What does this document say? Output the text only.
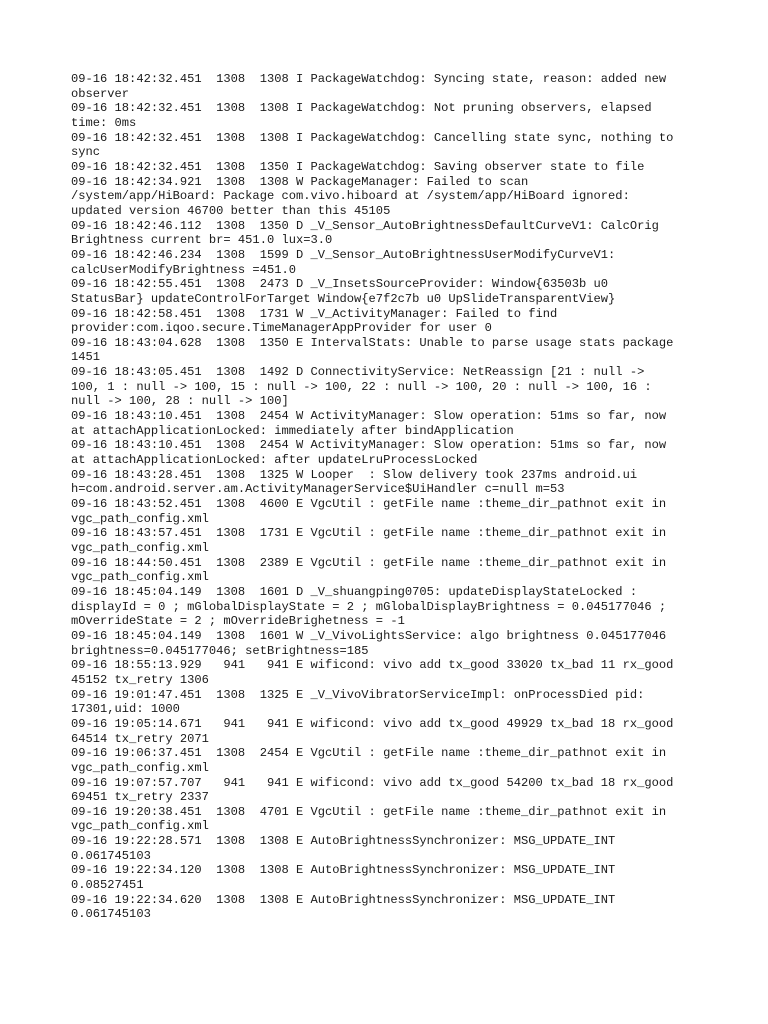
09-16 18:42:32.451  1308  1308 I PackageWatchdog: Syncing state, reason: added new
observer
09-16 18:42:32.451  1308  1308 I PackageWatchdog: Not pruning observers, elapsed
time: 0ms
09-16 18:42:32.451  1308  1308 I PackageWatchdog: Cancelling state sync, nothing to
sync
09-16 18:42:32.451  1308  1350 I PackageWatchdog: Saving observer state to file
09-16 18:42:34.921  1308  1308 W PackageManager: Failed to scan
/system/app/HiBoard: Package com.vivo.hiboard at /system/app/HiBoard ignored:
updated version 46700 better than this 45105
09-16 18:42:46.112  1308  1350 D _V_Sensor_AutoBrightnessDefaultCurveV1: CalcOrig
Brightness current br= 451.0 lux=3.0
09-16 18:42:46.234  1308  1599 D _V_Sensor_AutoBrightnessUserModifyCurveV1:
calcUserModifyBrightness =451.0
09-16 18:42:55.451  1308  2473 D _V_InsetsSourceProvider: Window{63503b u0
StatusBar} updateControlForTarget Window{e7f2c7b u0 UpSlideTransparentView}
09-16 18:42:58.451  1308  1731 W _V_ActivityManager: Failed to find
provider:com.iqoo.secure.TimeManagerAppProvider for user 0
09-16 18:43:04.628  1308  1350 E IntervalStats: Unable to parse usage stats package
1451
09-16 18:43:05.451  1308  1492 D ConnectivityService: NetReassign [21 : null ->
100, 1 : null -> 100, 15 : null -> 100, 22 : null -> 100, 20 : null -> 100, 16 :
null -> 100, 28 : null -> 100]
09-16 18:43:10.451  1308  2454 W ActivityManager: Slow operation: 51ms so far, now
at attachApplicationLocked: immediately after bindApplication
09-16 18:43:10.451  1308  2454 W ActivityManager: Slow operation: 51ms so far, now
at attachApplicationLocked: after updateLruProcessLocked
09-16 18:43:28.451  1308  1325 W Looper  : Slow delivery took 237ms android.ui
h=com.android.server.am.ActivityManagerService$UiHandler c=null m=53
09-16 18:43:52.451  1308  4600 E VgcUtil : getFile name :theme_dir_pathnot exit in
vgc_path_config.xml
09-16 18:43:57.451  1308  1731 E VgcUtil : getFile name :theme_dir_pathnot exit in
vgc_path_config.xml
09-16 18:44:50.451  1308  2389 E VgcUtil : getFile name :theme_dir_pathnot exit in
vgc_path_config.xml
09-16 18:45:04.149  1308  1601 D _V_shuangping0705: updateDisplayStateLocked :
displayId = 0 ; mGlobalDisplayState = 2 ; mGlobalDisplayBrightness = 0.045177046 ;
mOverrideState = 2 ; mOverrideBrighetness = -1
09-16 18:45:04.149  1308  1601 W _V_VivoLightsService: algo brightness 0.045177046
brightness=0.045177046; setBrightness=185
09-16 18:55:13.929   941   941 E wificond: vivo add tx_good 33020 tx_bad 11 rx_good
45152 tx_retry 1306
09-16 19:01:47.451  1308  1325 E _V_VivoVibratorServiceImpl: onProcessDied pid:
17301,uid: 1000
09-16 19:05:14.671   941   941 E wificond: vivo add tx_good 49929 tx_bad 18 rx_good
64514 tx_retry 2071
09-16 19:06:37.451  1308  2454 E VgcUtil : getFile name :theme_dir_pathnot exit in
vgc_path_config.xml
09-16 19:07:57.707   941   941 E wificond: vivo add tx_good 54200 tx_bad 18 rx_good
69451 tx_retry 2337
09-16 19:20:38.451  1308  4701 E VgcUtil : getFile name :theme_dir_pathnot exit in
vgc_path_config.xml
09-16 19:22:28.571  1308  1308 E AutoBrightnessSynchronizer: MSG_UPDATE_INT
0.061745103
09-16 19:22:34.120  1308  1308 E AutoBrightnessSynchronizer: MSG_UPDATE_INT
0.08527451
09-16 19:22:34.620  1308  1308 E AutoBrightnessSynchronizer: MSG_UPDATE_INT
0.061745103
